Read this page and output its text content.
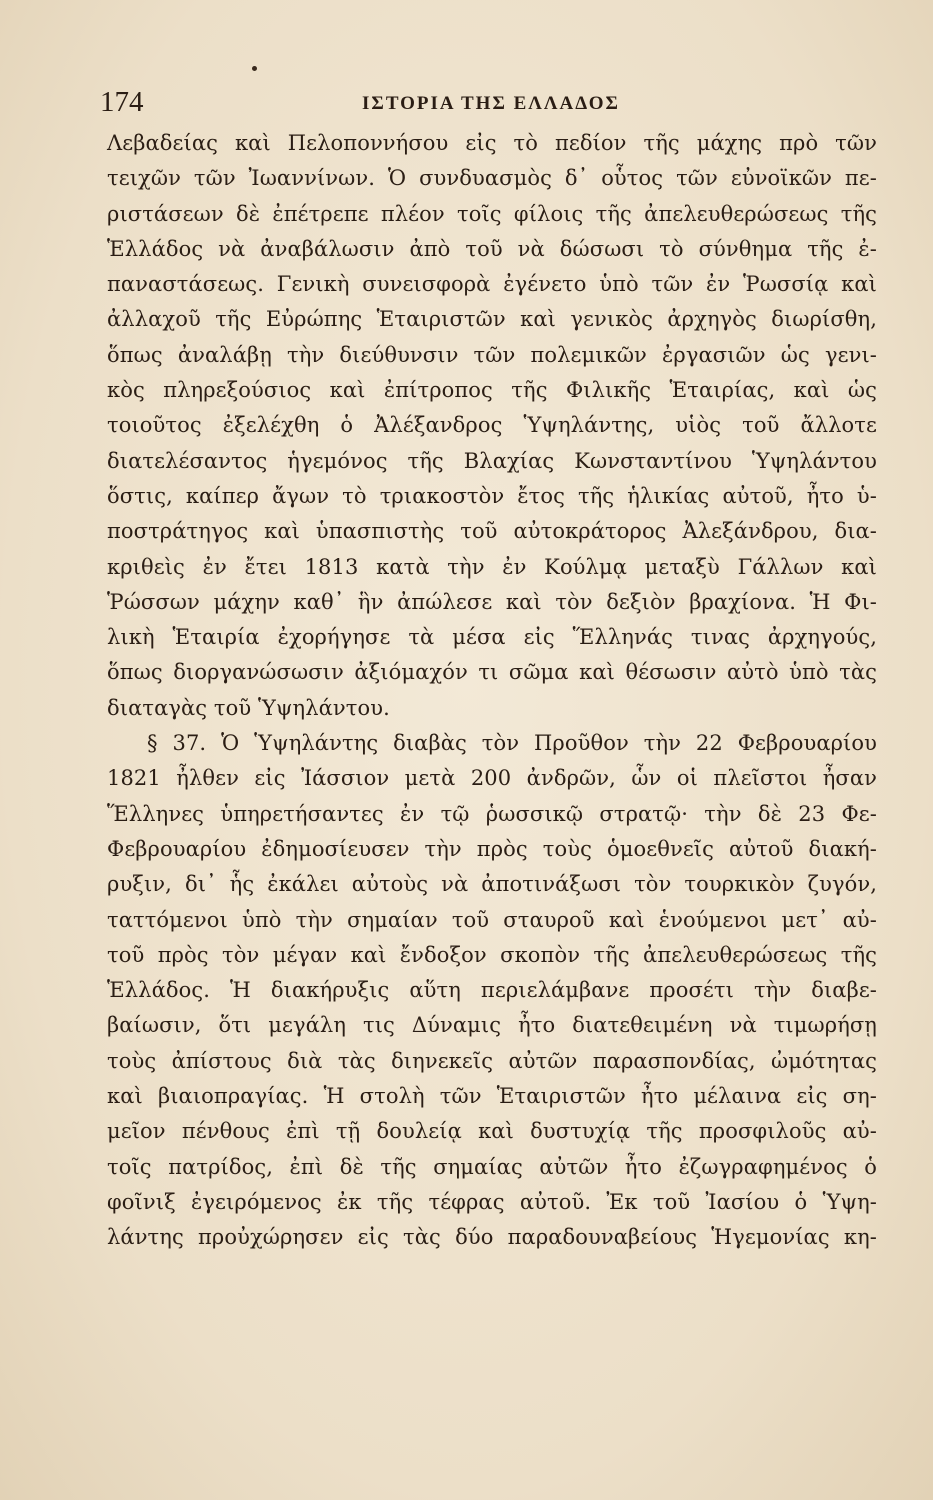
174	ΙΣΤΟΡΙΑ ΤΗΣ ΕΛΛΑΔΟΣ
Λεβαδείας καὶ Πελοποννήσου εἰς τὸ πεδίον τῆς μάχης πρὸ τῶν
τειχῶν τῶν Ἰωαννίνων. Ὁ συνδυασμὸς δ᾽ οὗτος τῶν εὐνοϊκῶν πε-
ριστάσεων δὲ ἐπέτρεπε πλέον τοῖς φίλοις τῆς ἀπελευθερώσεως τῆς
Ἑλλάδος νὰ ἀναβάλωσιν ἀπὸ τοῦ νὰ δώσωσι τὸ σύνθημα τῆς ἐ-
παναστάσεως. Γενικὴ συνεισφορὰ ἐγένετο ὑπὸ τῶν ἐν Ῥωσσίᾳ καὶ
ἀλλαχοῦ τῆς Εὐρώπης Ἑταιριστῶν καὶ γενικὸς ἀρχηγὸς διωρίσθη,
ὅπως ἀναλάβῃ τὴν διεύθυνσιν τῶν πολεμικῶν ἐργασιῶν ὡς γενι-
κὸς πληρεξούσιος καὶ ἐπίτροπος τῆς Φιλικῆς Ἑταιρίας, καὶ ὡς
τοιοῦτος ἐξελέχθη ὁ Ἀλέξανδρος Ὑψηλάντης, υἱὸς τοῦ ἄλλοτε
διατελέσαντος ἡγεμόνος τῆς Βλαχίας Κωνσταντίνου Ὑψηλάντου
ὅστις, καίπερ ἄγων τὸ τριακοστὸν ἔτος τῆς ἡλικίας αὐτοῦ, ἦτο ὑ-
ποστράτηγος καὶ ὑπασπιστὴς τοῦ αὐτοκράτορος Ἀλεξάνδρου, δια-
κριθεὶς ἐν ἔτει 1813 κατὰ τὴν ἐν Κούλμᾳ μεταξὺ Γάλλων καὶ
Ῥώσσων μάχην καθ᾽ ἣν ἀπώλεσε καὶ τὸν δεξιὸν βραχίονα. Ἡ Φι-
λικὴ Ἑταιρία ἐχορήγησε τὰ μέσα εἰς Ἕλληνάς τινας ἀρχηγούς,
ὅπως διοργανώσωσιν ἀξιόμαχόν τι σῶμα καὶ θέσωσιν αὐτὸ ὑπὸ τὰς
διαταγὰς τοῦ Ὑψηλάντου.
§ 37. Ὁ Ὑψηλάντης διαβὰς τὸν Προῦθον τὴν 22 Φεβρουαρίου
1821 ἦλθεν εἰς Ἰάσσιον μετὰ 200 ἀνδρῶν, ὧν οἱ πλεῖστοι ἦσαν
Ἕλληνες ὑπηρετήσαντες ἐν τῷ ῥωσσικῷ στρατῷ· τὴν δὲ 23 Φε-
Φεβρουαρίου ἐδημοσίευσεν τὴν πρὸς τοὺς ὁμοεθνεῖς αὐτοῦ διακή-
ρυξιν, δι᾽ ἧς ἐκάλει αὐτοὺς νὰ ἀποτινάξωσι τὸν τουρκικὸν ζυγόν,
ταττόμενοι ὑπὸ τὴν σημαίαν τοῦ σταυροῦ καὶ ἑνούμενοι μετ᾽ αὐ-
τοῦ πρὸς τὸν μέγαν καὶ ἔνδοξον σκοπὸν τῆς ἀπελευθερώσεως τῆς
Ἑλλάδος. Ἡ διακήρυξις αὕτη περιελάμβανε προσέτι τὴν διαβε-
βαίωσιν, ὅτι μεγάλη τις Δύναμις ἦτο διατεθειμένη νὰ τιμωρήσῃ
τοὺς ἀπίστους διὰ τὰς διηνεκεῖς αὐτῶν παρασπονδίας, ὠμότητας
καὶ βιαιοπραγίας. Ἡ στολὴ τῶν Ἑταιριστῶν ἦτο μέλαινα εἰς ση-
μεῖον πένθους ἐπὶ τῇ δουλείᾳ καὶ δυστυχίᾳ τῆς προσφιλοῦς αὐ-
τοῖς πατρίδος, ἐπὶ δὲ τῆς σημαίας αὐτῶν ἦτο ἐζωγραφημένος ὁ
φοῖνιξ ἐγειρόμενος ἐκ τῆς τέφρας αὐτοῦ. Ἐκ τοῦ Ἰασίου ὁ Ὑψη-
λάντης προὐχώρησεν εἰς τὰς δύο παραδουναβείους Ἡγεμονίας κη-
